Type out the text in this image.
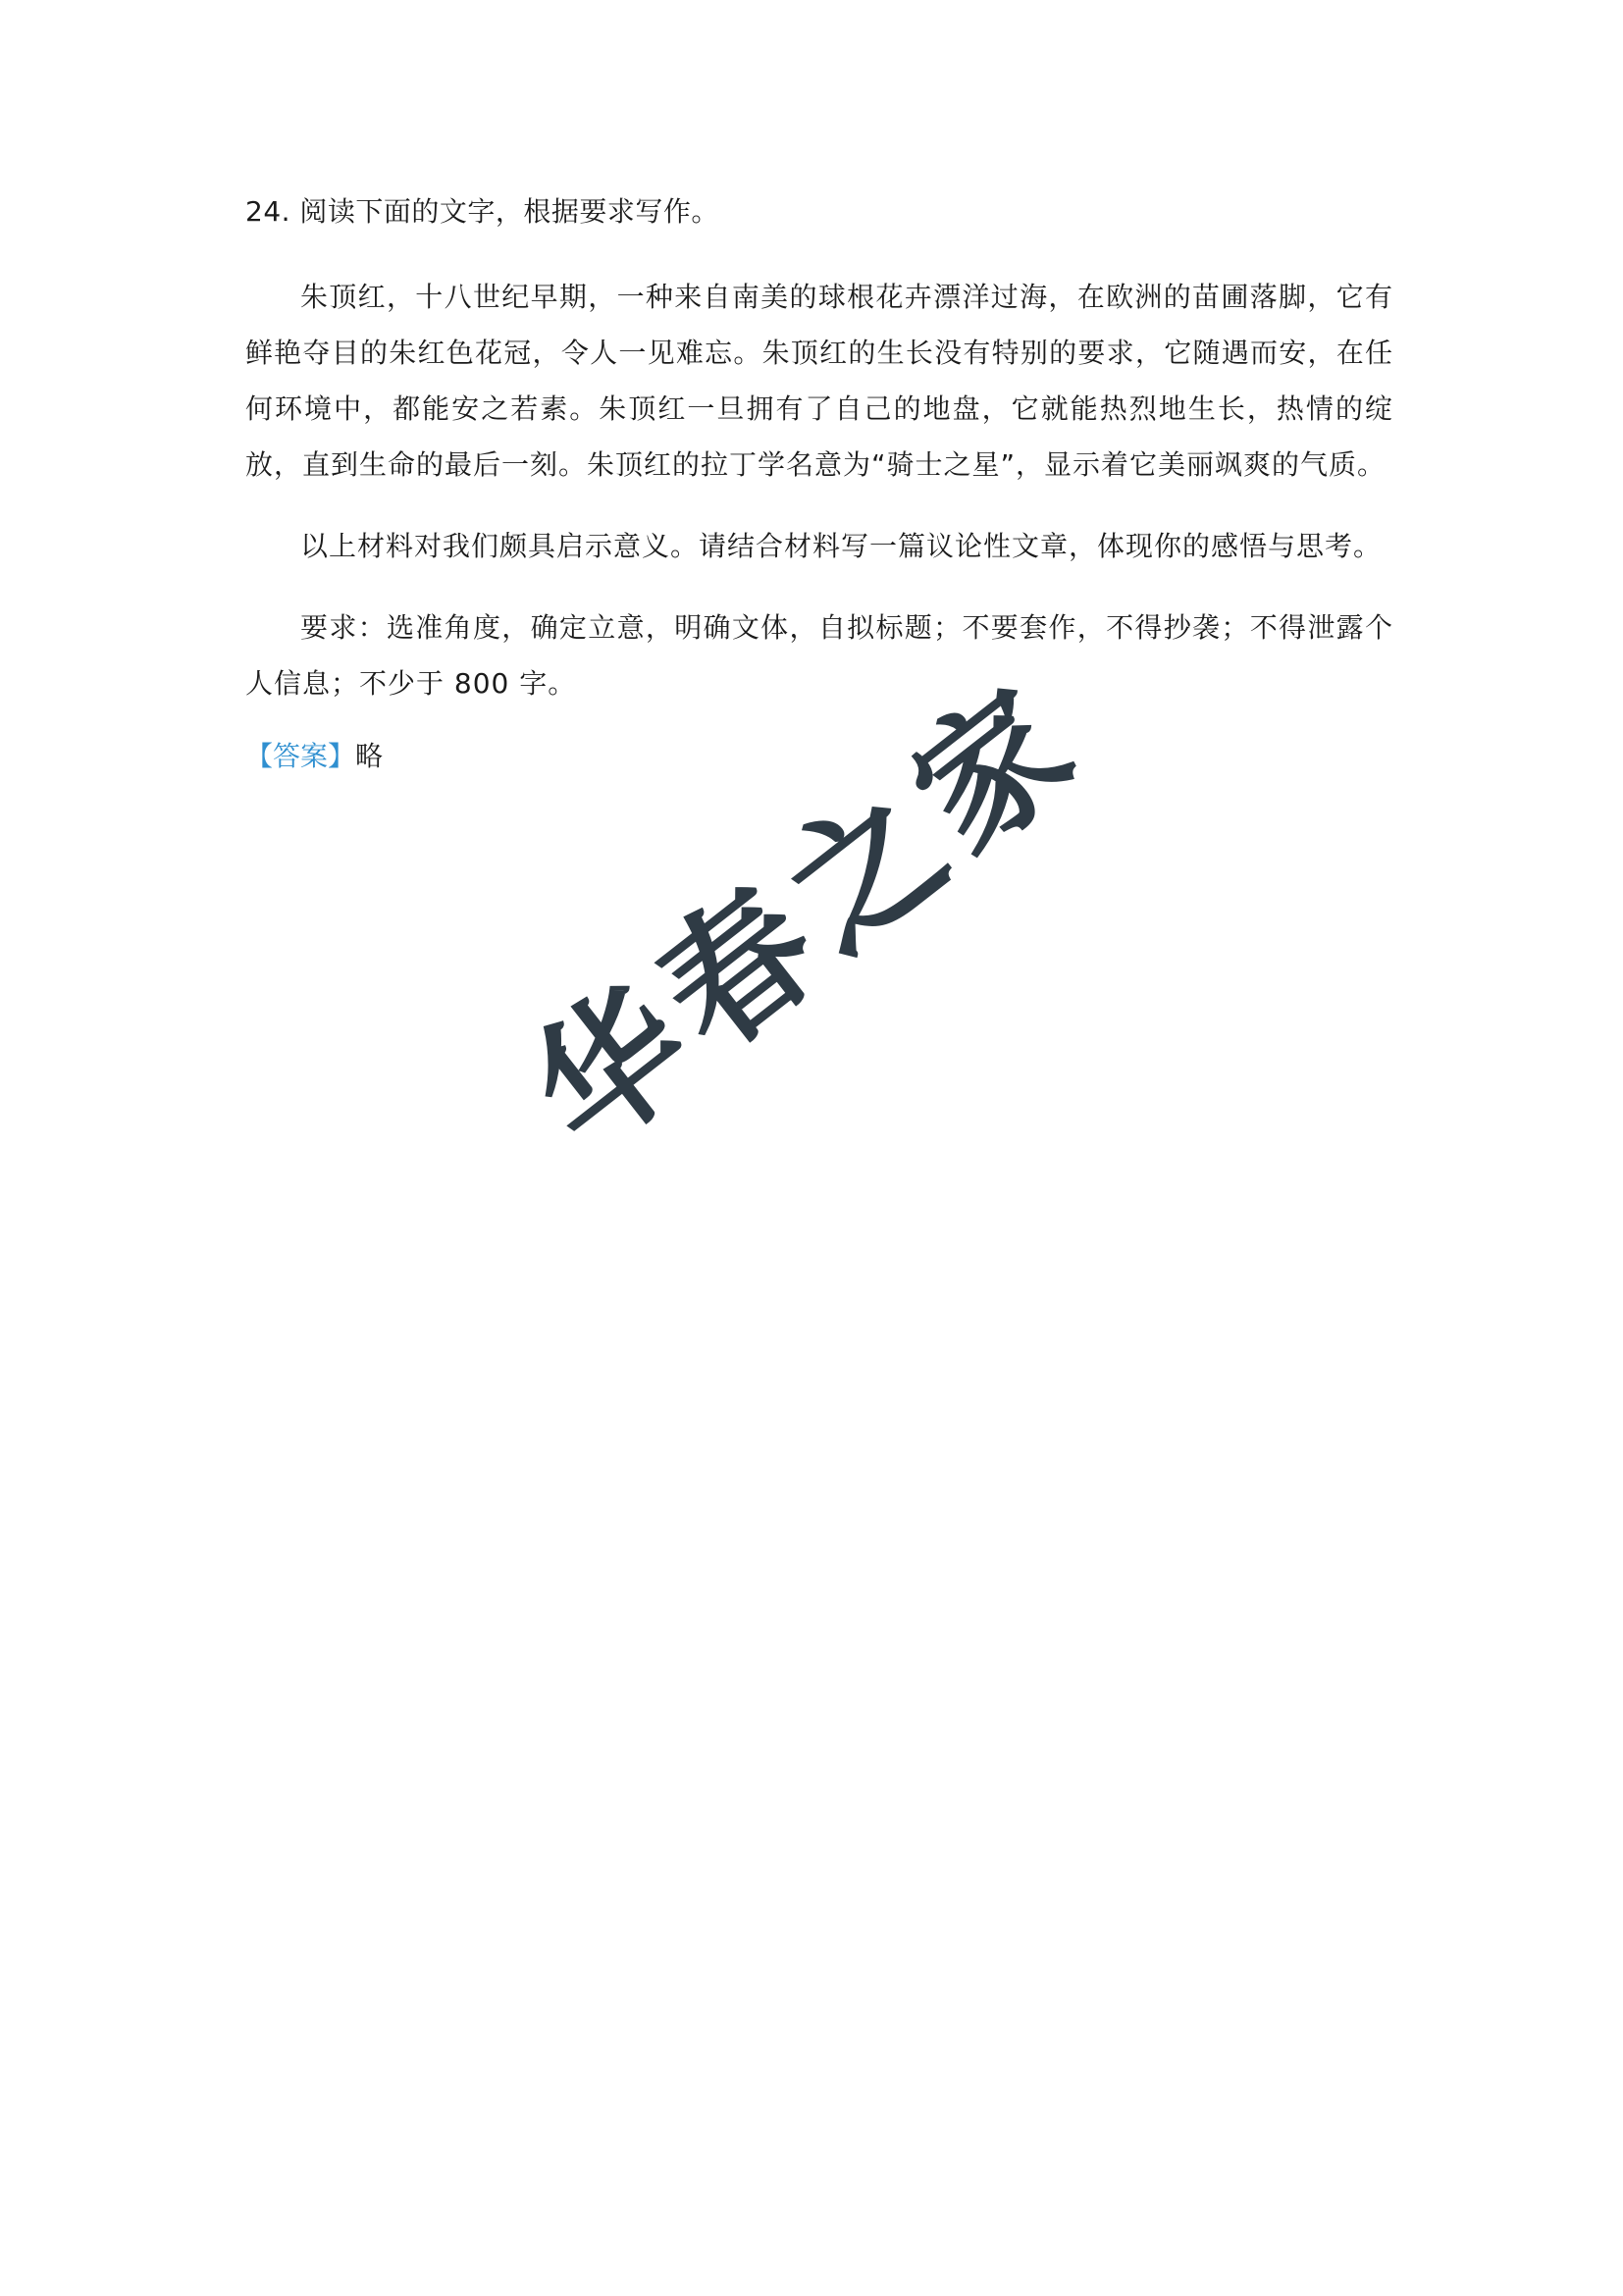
24. 阅读下面的文字，根据要求写作。

朱顶红，十八世纪早期，一种来自南美的球根花卉漂洋过海，在欧洲的苗圃落脚，它有鲜艳夺目的朱红色花冠，令人一见难忘。朱顶红的生长没有特别的要求，它随遇而安，在任何环境中，都能安之若素。朱顶红一旦拥有了自己的地盘，它就能热烈地生长，热情的绽放，直到生命的最后一刻。朱顶红的拉丁学名意为“骑士之星”，显示着它美丽飒爽的气质。

以上材料对我们颇具启示意义。请结合材料写一篇议论性文章，体现你的感悟与思考。

要求：选准角度，确定立意，明确文体，自拟标题；不要套作，不得抄袭；不得泄露个人信息；不少于 800 字。

【答案】略 华春之家
